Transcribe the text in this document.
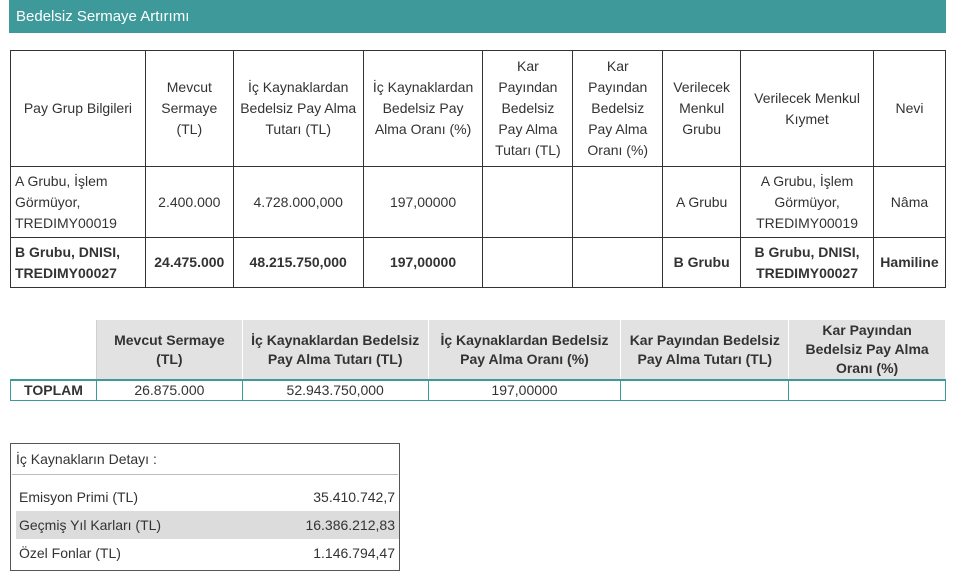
Bedelsiz Sermaye Artırımı
Pay Grup Bilgileri	Mevcut Sermaye (TL)	İç Kaynaklardan Bedelsiz Pay Alma Tutarı (TL)	İç Kaynaklardan Bedelsiz Pay Alma Oranı (%)	Kar Payından Bedelsiz Pay Alma Tutarı (TL)	Kar Payından Bedelsiz Pay Alma Oranı (%)	Verilecek Menkul Grubu	Verilecek Menkul Kıymet	Nevi
A Grubu, İşlem Görmüyor, TREDIMY00019	2.400.000	4.728.000,000	197,00000			A Grubu	A Grubu, İşlem Görmüyor, TREDIMY00019	Nâma
B Grubu, DNISI, TREDIMY00027	24.475.000	48.215.750,000	197,00000			B Grubu	B Grubu, DNISI, TREDIMY00027	Hamiline
	Mevcut Sermaye (TL)	İç Kaynaklardan Bedelsiz Pay Alma Tutarı (TL)	İç Kaynaklardan Bedelsiz Pay Alma Oranı (%)	Kar Payından Bedelsiz Pay Alma Tutarı (TL)	Kar Payından Bedelsiz Pay Alma Oranı (%)
TOPLAM	26.875.000	52.943.750,000	197,00000		
İç Kaynakların Detayı :
Emisyon Primi (TL)	35.410.742,7
Geçmiş Yıl Karları (TL)	16.386.212,83
Özel Fonlar (TL)	1.146.794,47
